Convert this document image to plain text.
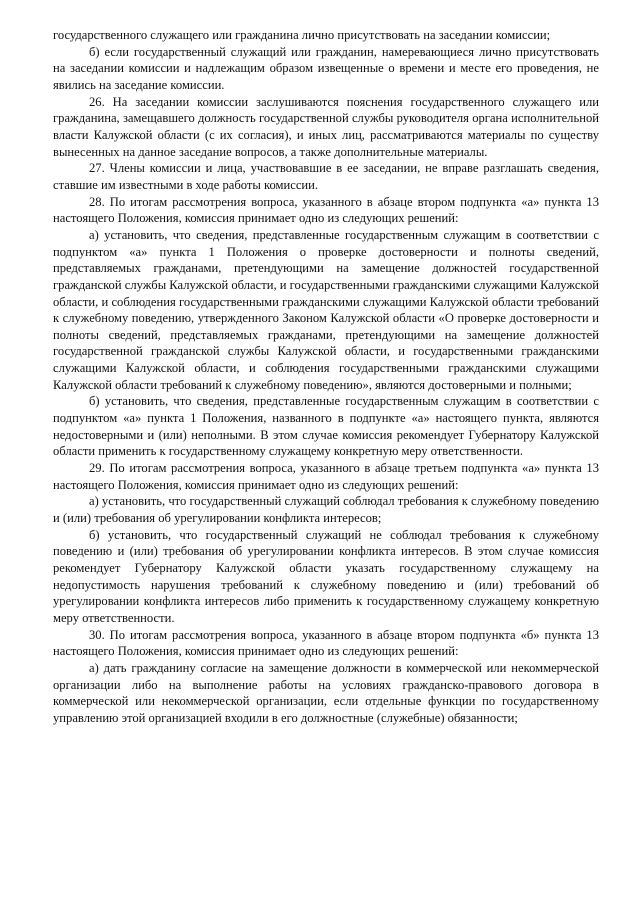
государственного служащего или гражданина лично присутствовать на заседании комиссии;

б) если государственный служащий или гражданин, намеревающиеся лично присутствовать на заседании комиссии и надлежащим образом извещенные о времени и месте его проведения, не явились на заседание комиссии.

26. На заседании комиссии заслушиваются пояснения государственного служащего или гражданина, замещавшего должность государственной службы руководителя органа исполнительной власти Калужской области (с их согласия), и иных лиц, рассматриваются материалы по существу вынесенных на данное заседание вопросов, а также дополнительные материалы.

27. Члены комиссии и лица, участвовавшие в ее заседании, не вправе разглашать сведения, ставшие им известными в ходе работы комиссии.

28. По итогам рассмотрения вопроса, указанного в абзаце втором подпункта «а» пункта 13 настоящего Положения, комиссия принимает одно из следующих решений:

а) установить, что сведения, представленные государственным служащим в соответствии с подпунктом «а» пункта 1 Положения о проверке достоверности и полноты сведений, представляемых гражданами, претендующими на замещение должностей государственной гражданской службы Калужской области, и государственными гражданскими служащими Калужской области, и соблюдения государственными гражданскими служащими Калужской области требований к служебному поведению, утвержденного Законом Калужской области «О проверке достоверности и полноты сведений, представляемых гражданами, претендующими на замещение должностей государственной гражданской службы Калужской области, и государственными гражданскими служащими Калужской области, и соблюдения государственными гражданскими служащими Калужской области требований к служебному поведению», являются достоверными и полными;

б) установить, что сведения, представленные государственным служащим в соответствии с подпунктом «а» пункта 1 Положения, названного в подпункте «а» настоящего пункта, являются недостоверными и (или) неполными. В этом случае комиссия рекомендует Губернатору Калужской области применить к государственному служащему конкретную меру ответственности.

29. По итогам рассмотрения вопроса, указанного в абзаце третьем подпункта «а» пункта 13 настоящего Положения, комиссия принимает одно из следующих решений:

а) установить, что государственный служащий соблюдал требования к служебному поведению и (или) требования об урегулировании конфликта интересов;

б) установить, что государственный служащий не соблюдал требования к служебному поведению и (или) требования об урегулировании конфликта интересов. В этом случае комиссия рекомендует Губернатору Калужской области указать государственному служащему на недопустимость нарушения требований к служебному поведению и (или) требований об урегулировании конфликта интересов либо применить к государственному служащему конкретную меру ответственности.

30. По итогам рассмотрения вопроса, указанного в абзаце втором подпункта «б» пункта 13 настоящего Положения, комиссия принимает одно из следующих решений:

а) дать гражданину согласие на замещение должности в коммерческой или некоммерческой организации либо на выполнение работы на условиях гражданско-правового договора в коммерческой или некоммерческой организации, если отдельные функции по государственному управлению этой организацией входили в его должностные (служебные) обязанности;
